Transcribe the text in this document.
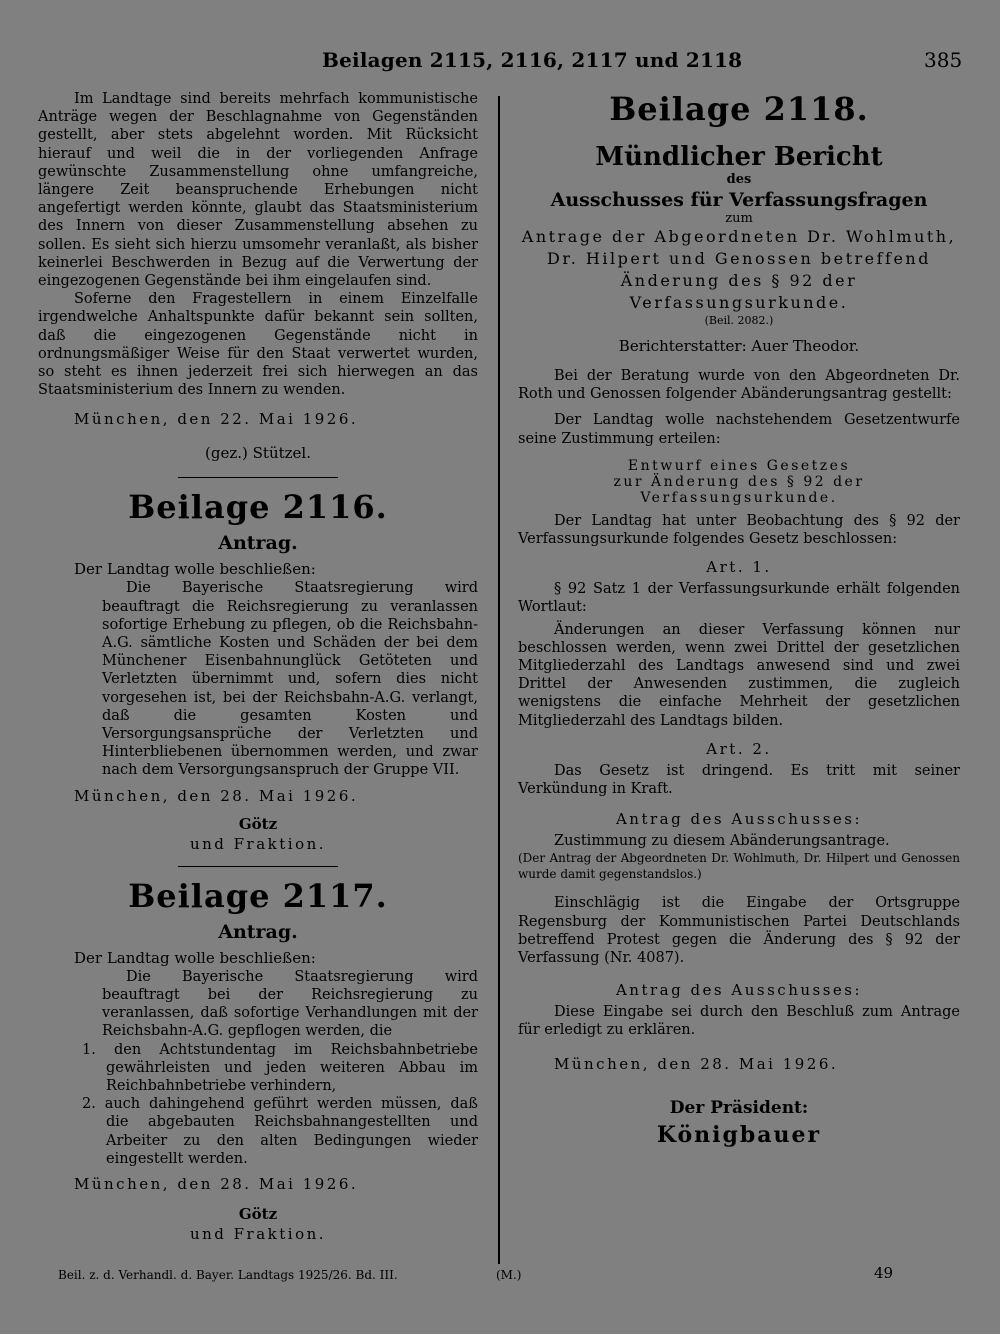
Beilagen 2115, 2116, 2117 und 2118	385

Im Landtage sind bereits mehrfach kommunistische Anträge wegen der Beschlagnahme von Gegenständen gestellt, aber stets abgelehnt worden. Mit Rücksicht hierauf und weil die in der vorliegenden Anfrage gewünschte Zusammenstellung ohne umfangreiche, längere Zeit beanspruchende Erhebungen nicht angefertigt werden könnte, glaubt das Staatsministerium des Innern von dieser Zusammenstellung absehen zu sollen. Es sieht sich hierzu umsomehr veranlaßt, als bisher keinerlei Beschwerden in Bezug auf die Verwertung der eingezogenen Gegenstände bei ihm eingelaufen sind.

Soferne den Fragestellern in einem Einzelfalle irgendwelche Anhaltspunkte dafür bekannt sein sollten, daß die eingezogenen Gegenstände nicht in ordnungsmäßiger Weise für den Staat verwertet wurden, so steht es ihnen jederzeit frei sich hierwegen an das Staatsministerium des Innern zu wenden.

München, den 22. Mai 1926.

(gez.) Stützel.

Beilage 2116.

Antrag.

Der Landtag wolle beschließen:

Die Bayerische Staatsregierung wird beauftragt die Reichsregierung zu veranlassen sofortige Erhebung zu pflegen, ob die Reichsbahn-A.G. sämtliche Kosten und Schäden der bei dem Münchener Eisenbahnunglück Getöteten und Verletzten übernimmt und, sofern dies nicht vorgesehen ist, bei der Reichsbahn-A.G. verlangt, daß die gesamten Kosten und Versorgungsansprüche der Verletzten und Hinterbliebenen übernommen werden, und zwar nach dem Versorgungsanspruch der Gruppe VII.

München, den 28. Mai 1926.

Götz

und Fraktion.

Beilage 2117.

Antrag.

Der Landtag wolle beschließen:

Die Bayerische Staatsregierung wird beauftragt bei der Reichsregierung zu veranlassen, daß sofortige Verhandlungen mit der Reichsbahn-A.G. gepflogen werden, die

1. den Achtstundentag im Reichsbahnbetriebe gewährleisten und jeden weiteren Abbau im Reichbahnbetriebe verhindern,

2. auch dahingehend geführt werden müssen, daß die abgebauten Reichsbahnangestellten und Arbeiter zu den alten Bedingungen wieder eingestellt werden.

München, den 28. Mai 1926.

Götz

und Fraktion.

Beilage 2118.

Mündlicher Bericht

des

Ausschusses für Verfassungsfragen

zum

Antrage der Abgeordneten Dr. Wohlmuth, Dr. Hilpert und Genossen betreffend Änderung des § 92 der Verfassungsurkunde.

(Beil. 2082.)

Berichterstatter: Auer Theodor.

Bei der Beratung wurde von den Abgeordneten Dr. Roth und Genossen folgender Abänderungsantrag gestellt:

Der Landtag wolle nachstehendem Gesetzentwurfe seine Zustimmung erteilen:

Entwurf eines Gesetzes

zur Änderung des § 92 der Verfassungsurkunde.

Der Landtag hat unter Beobachtung des § 92 der Verfassungsurkunde folgendes Gesetz beschlossen:

Art. 1.

§ 92 Satz 1 der Verfassungsurkunde erhält folgenden Wortlaut:

Änderungen an dieser Verfassung können nur beschlossen werden, wenn zwei Drittel der gesetzlichen Mitgliederzahl des Landtags anwesend sind und zwei Drittel der Anwesenden zustimmen, die zugleich wenigstens die einfache Mehrheit der gesetzlichen Mitgliederzahl des Landtags bilden.

Art. 2.

Das Gesetz ist dringend. Es tritt mit seiner Verkündung in Kraft.

Antrag des Ausschusses:

Zustimmung zu diesem Abänderungsantrage.

(Der Antrag der Abgeordneten Dr. Wohlmuth, Dr. Hilpert und Genossen wurde damit gegenstandslos.)

Einschlägig ist die Eingabe der Ortsgruppe Regensburg der Kommunistischen Partei Deutschlands betreffend Protest gegen die Änderung des § 92 der Verfassung (Nr. 4087).

Antrag des Ausschusses:

Diese Eingabe sei durch den Beschluß zum Antrage für erledigt zu erklären.

München, den 28. Mai 1926.

Der Präsident:

Königbauer

Beil. z. d. Verhandl. d. Bayer. Landtags 1925/26. Bd. III.	(M.)	49
